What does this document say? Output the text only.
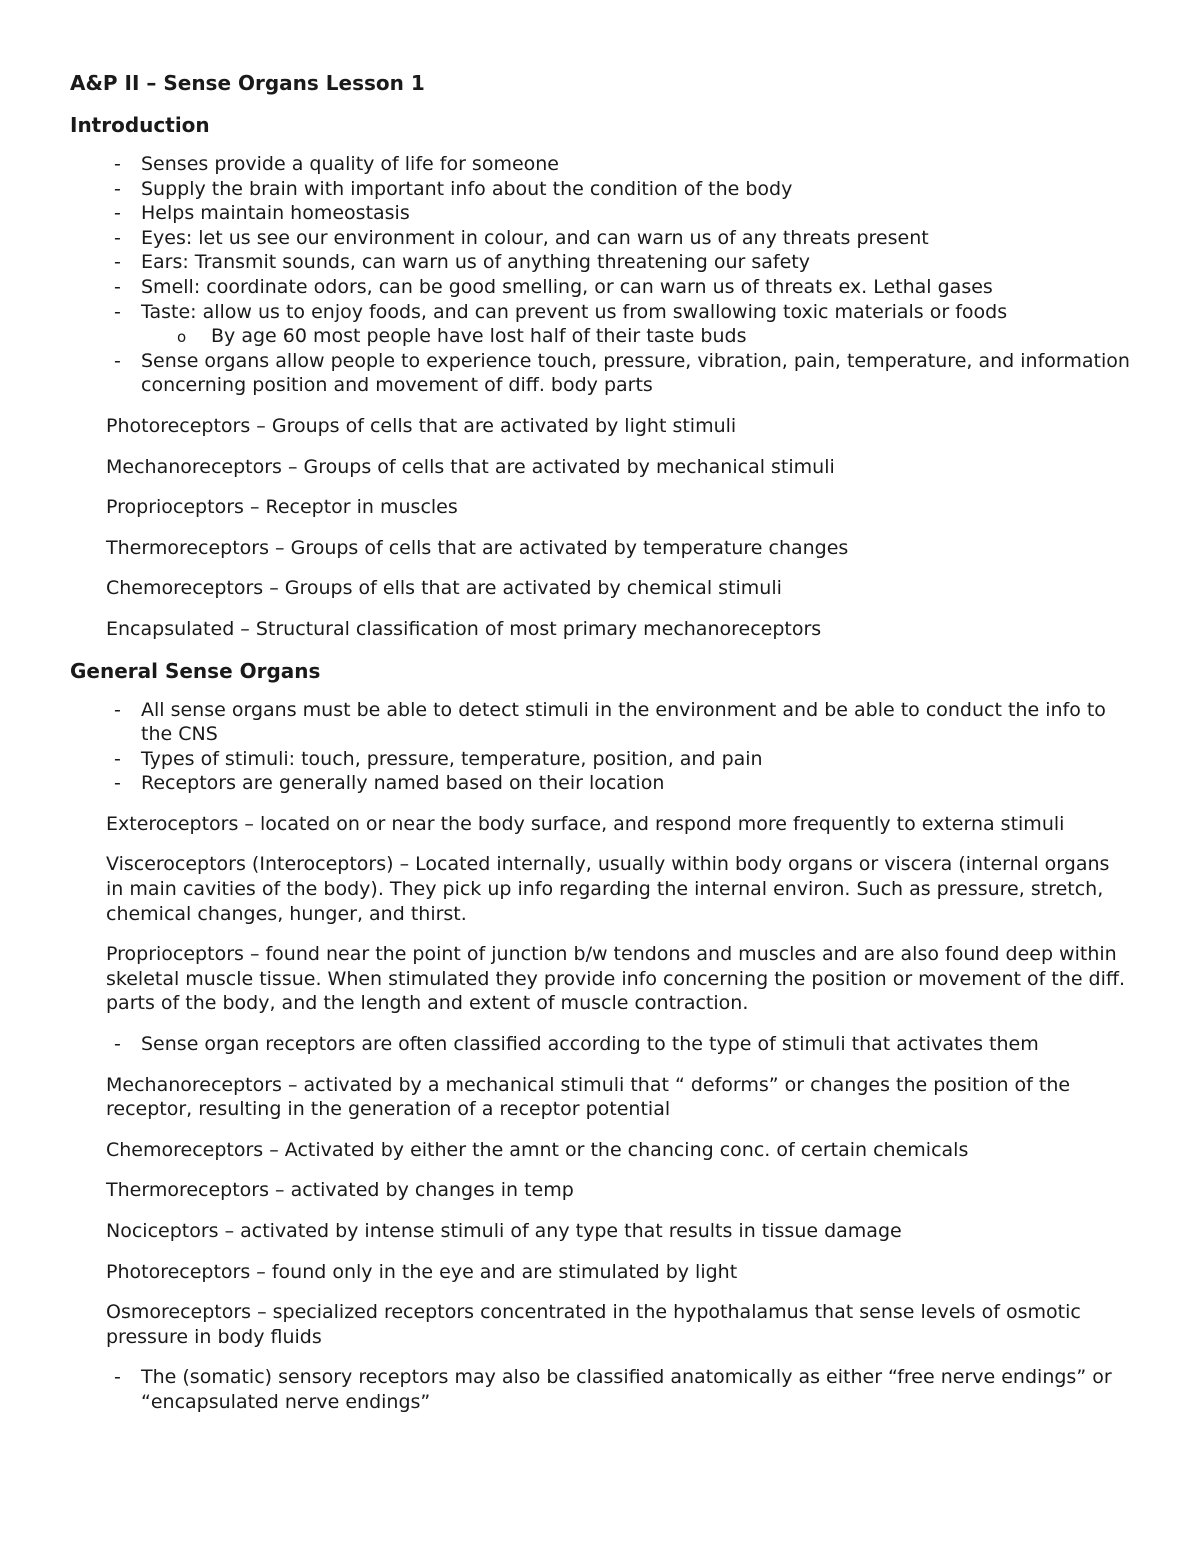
A&P II – Sense Organs Lesson 1
Introduction
- Senses provide a quality of life for someone
- Supply the brain with important info about the condition of the body
- Helps maintain homeostasis
- Eyes: let us see our environment in colour, and can warn us of any threats present
- Ears: Transmit sounds, can warn us of anything threatening our safety
- Smell: coordinate odors, can be good smelling, or can warn us of threats ex. Lethal gases
- Taste: allow us to enjoy foods, and can prevent us from swallowing toxic materials or foods
o By age 60 most people have lost half of their taste buds
- Sense organs allow people to experience touch, pressure, vibration, pain, temperature, and information concerning position and movement of diff. body parts

Photoreceptors – Groups of cells that are activated by light stimuli

Mechanoreceptors – Groups of cells that are activated by mechanical stimuli

Proprioceptors – Receptor in muscles

Thermoreceptors – Groups of cells that are activated by temperature changes

Chemoreceptors – Groups of ells that are activated by chemical stimuli

Encapsulated – Structural classification of most primary mechanoreceptors

General Sense Organs
- All sense organs must be able to detect stimuli in the environment and be able to conduct the info to the CNS
- Types of stimuli: touch, pressure, temperature, position, and pain
- Receptors are generally named based on their location

Exteroceptors – located on or near the body surface, and respond more frequently to externa stimuli

Visceroceptors (Interoceptors) – Located internally, usually within body organs or viscera (internal organs in main cavities of the body). They pick up info regarding the internal environ. Such as pressure, stretch, chemical changes, hunger, and thirst.

Proprioceptors – found near the point of junction b/w tendons and muscles and are also found deep within skeletal muscle tissue. When stimulated they provide info concerning the position or movement of the diff. parts of the body, and the length and extent of muscle contraction.

- Sense organ receptors are often classified according to the type of stimuli that activates them

Mechanoreceptors – activated by a mechanical stimuli that “ deforms” or changes the position of the receptor, resulting in the generation of a receptor potential

Chemoreceptors – Activated by either the amnt or the chancing conc. of certain chemicals

Thermoreceptors – activated by changes in temp

Nociceptors – activated by intense stimuli of any type that results in tissue damage

Photoreceptors – found only in the eye and are stimulated by light

Osmoreceptors – specialized receptors concentrated in the hypothalamus that sense levels of osmotic pressure in body fluids

- The (somatic) sensory receptors may also be classified anatomically as either “free nerve endings” or “encapsulated nerve endings”
